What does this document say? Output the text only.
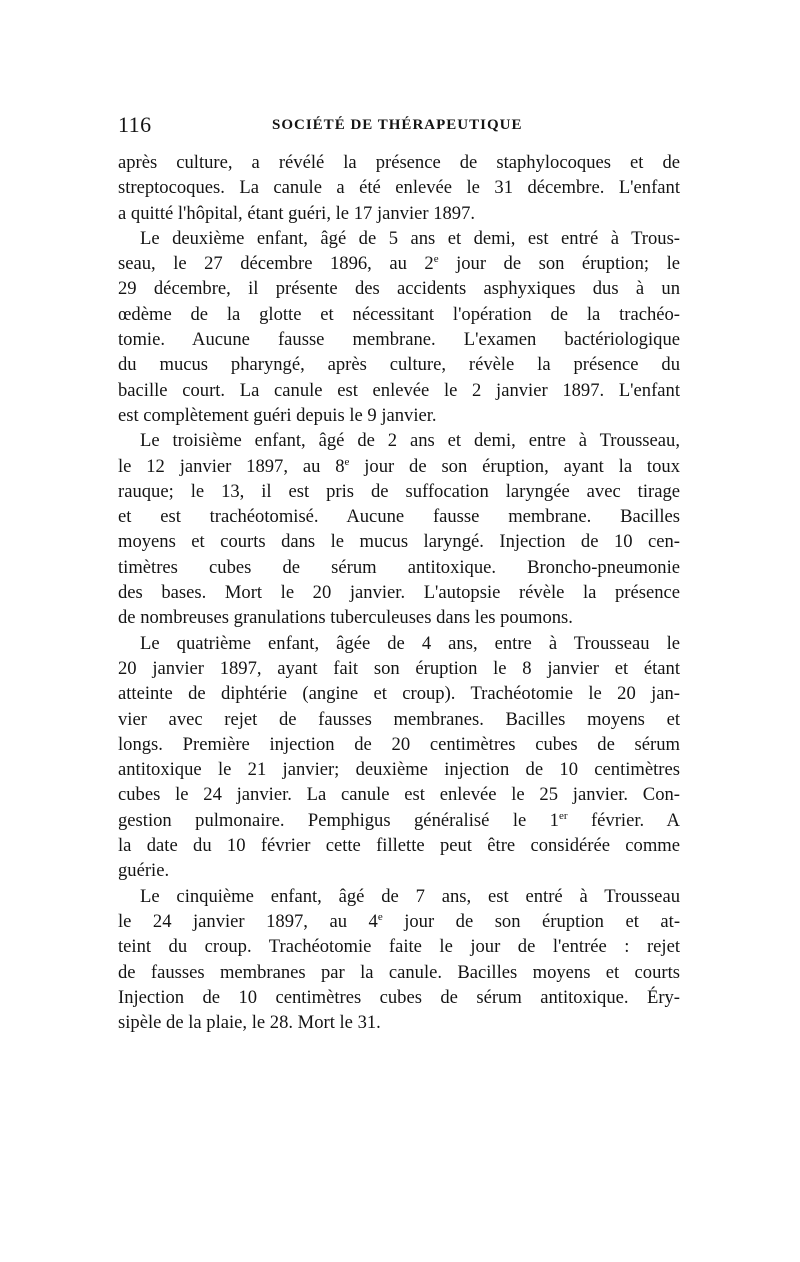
116	SOCIÉTÉ DE THÉRAPEUTIQUE
après culture, a révélé la présence de staphylocoques et de
streptocoques. La canule a été enlevée le 31 décembre. L'enfant
a quitté l'hôpital, étant guéri, le 17 janvier 1897.
Le deuxième enfant, âgé de 5 ans et demi, est entré à Trous-
seau, le 27 décembre 1896, au 2e jour de son éruption; le
29 décembre, il présente des accidents asphyxiques dus à un
œdème de la glotte et nécessitant l'opération de la trachéo-
tomie. Aucune fausse membrane. L'examen bactériologique
du mucus pharyngé, après culture, révèle la présence du
bacille court. La canule est enlevée le 2 janvier 1897. L'enfant
est complètement guéri depuis le 9 janvier.
Le troisième enfant, âgé de 2 ans et demi, entre à Trousseau,
le 12 janvier 1897, au 8e jour de son éruption, ayant la toux
rauque; le 13, il est pris de suffocation laryngée avec tirage
et est trachéotomisé. Aucune fausse membrane. Bacilles
moyens et courts dans le mucus laryngé. Injection de 10 cen-
timètres cubes de sérum antitoxique. Broncho-pneumonie
des bases. Mort le 20 janvier. L'autopsie révèle la présence
de nombreuses granulations tuberculeuses dans les poumons.
Le quatrième enfant, âgée de 4 ans, entre à Trousseau le
20 janvier 1897, ayant fait son éruption le 8 janvier et étant
atteinte de diphtérie (angine et croup). Trachéotomie le 20 jan-
vier avec rejet de fausses membranes. Bacilles moyens et
longs. Première injection de 20 centimètres cubes de sérum
antitoxique le 21 janvier; deuxième injection de 10 centimètres
cubes le 24 janvier. La canule est enlevée le 25 janvier. Con-
gestion pulmonaire. Pemphigus généralisé le 1er février. A
la date du 10 février cette fillette peut être considérée comme
guérie.
Le cinquième enfant, âgé de 7 ans, est entré à Trousseau
le 24 janvier 1897, au 4e jour de son éruption et at-
teint du croup. Trachéotomie faite le jour de l'entrée : rejet
de fausses membranes par la canule. Bacilles moyens et courts
Injection de 10 centimètres cubes de sérum antitoxique. Éry-
sipèle de la plaie, le 28. Mort le 31.
